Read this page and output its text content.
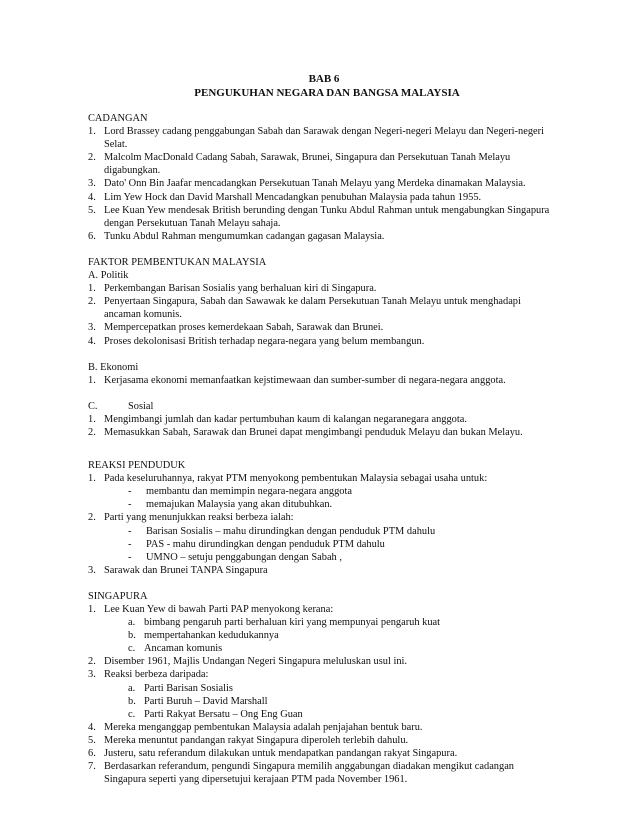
BAB 6
PENGUKUHAN NEGARA DAN BANGSA MALAYSIA
CADANGAN
1. Lord Brassey cadang penggabungan Sabah dan Sarawak dengan Negeri-negeri Melayu dan Negeri-negeri Selat.
2. Malcolm MacDonald Cadang Sabah, Sarawak, Brunei, Singapura dan Persekutuan Tanah Melayu digabungkan.
3. Dato' Onn Bin Jaafar mencadangkan Persekutuan Tanah Melayu yang Merdeka dinamakan Malaysia.
4. Lim Yew Hock dan David Marshall Mencadangkan penubuhan Malaysia pada tahun 1955.
5. Lee Kuan Yew mendesak British berunding dengan Tunku Abdul Rahman untuk mengabungkan Singapura dengan Persekutuan Tanah Melayu sahaja.
6. Tunku Abdul Rahman mengumumkan cadangan gagasan Malaysia.
FAKTOR PEMBENTUKAN MALAYSIA
A. Politik
1. Perkembangan Barisan Sosialis yang berhaluan kiri di Singapura.
2. Penyertaan Singapura, Sabah dan Sawawak ke dalam Persekutuan Tanah Melayu untuk menghadapi ancaman komunis.
3. Mempercepatkan proses kemerdekaan Sabah, Sarawak dan Brunei.
4. Proses dekolonisasi British terhadap negara-negara yang belum membangun.
B. Ekonomi
1. Kerjasama ekonomi memanfaatkan kejstimewaan dan sumber-sumber di negara-negara anggota.
C.	Sosial
1. Mengimbangi jumlah dan kadar pertumbuhan kaum di kalangan negaranegara anggota.
2. Memasukkan Sabah, Sarawak dan Brunei dapat mengimbangi penduduk Melayu dan bukan Melayu.
REAKSI PENDUDUK
1. Pada keseluruhannya, rakyat PTM menyokong pembentukan Malaysia sebagai usaha untuk:
-	membantu dan memimpin negara-negara anggota
-	memajukan Malaysia yang akan ditubuhkan.
2. Parti yang menunjukkan reaksi berbeza ialah:
-	Barisan Sosialis – mahu dirundingkan dengan penduduk PTM dahulu
-	PAS - mahu dirundingkan dengan penduduk PTM dahulu
-	UMNO – setuju penggabungan dengan Sabah ,
3. Sarawak dan Brunei TANPA Singapura
SINGAPURA
1. Lee Kuan Yew di bawah Parti PAP menyokong kerana:
a. bimbang pengaruh parti berhaluan kiri yang mempunyai pengaruh kuat
b. mempertahankan kedudukannya
c. Ancaman komunis
2. Disember 1961, Majlis Undangan Negeri Singapura meluluskan usul ini.
3. Reaksi berbeza daripada:
a. Parti Barisan Sosialis
b. Parti Buruh – David Marshall
c. Parti Rakyat Bersatu – Ong Eng Guan
4. Mereka menganggap pembentukan Malaysia adalah penjajahan bentuk baru.
5. Mereka menuntut pandangan rakyat Singapura diperoleh terlebih dahulu.
6. Justeru, satu referandum dilakukan untuk mendapatkan pandangan rakyat Singapura.
7. Berdasarkan referandum, pengundi Singapura memilih anggabungan diadakan mengikut cadangan Singapura seperti yang dipersetujui kerajaan PTM pada November 1961.
